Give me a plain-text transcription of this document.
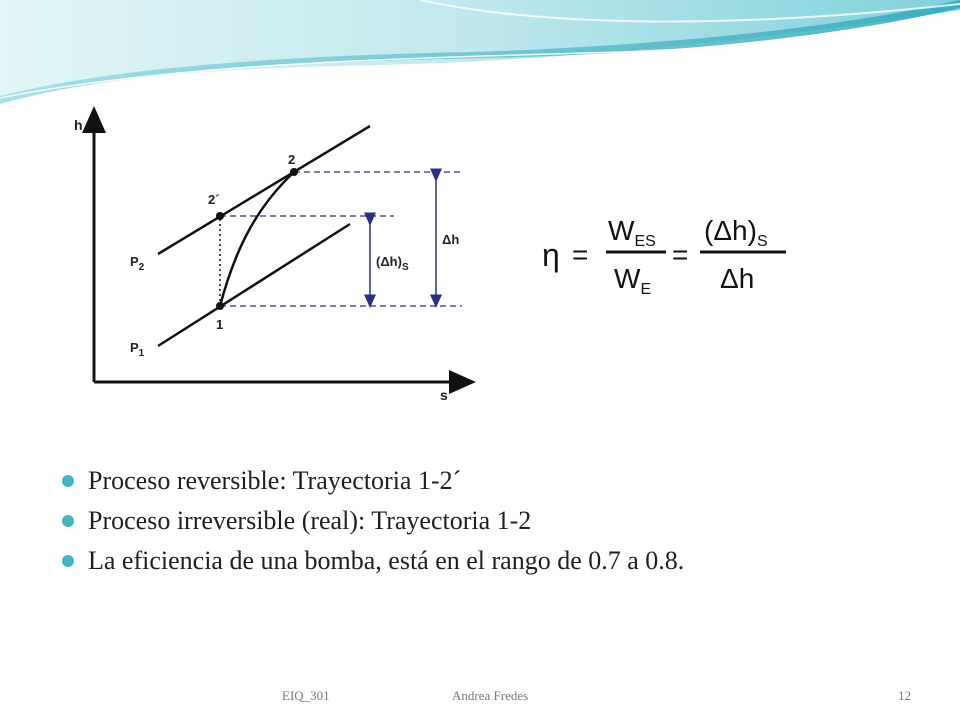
h
s
1
2
2´
$P_2$
$P_1$
$(\Delta h)_S$
Δh	η =
$W_{ES}$
$W_E$
=
$(\Delta h)_S$
Δh
Proceso reversible: Trayectoria 1-2´
Proceso irreversible (real): Trayectoria 1-2
La eficiencia de una bomba, está en el rango de 0.7 a 0.8.
EIQ_301	Andrea Fredes	12
